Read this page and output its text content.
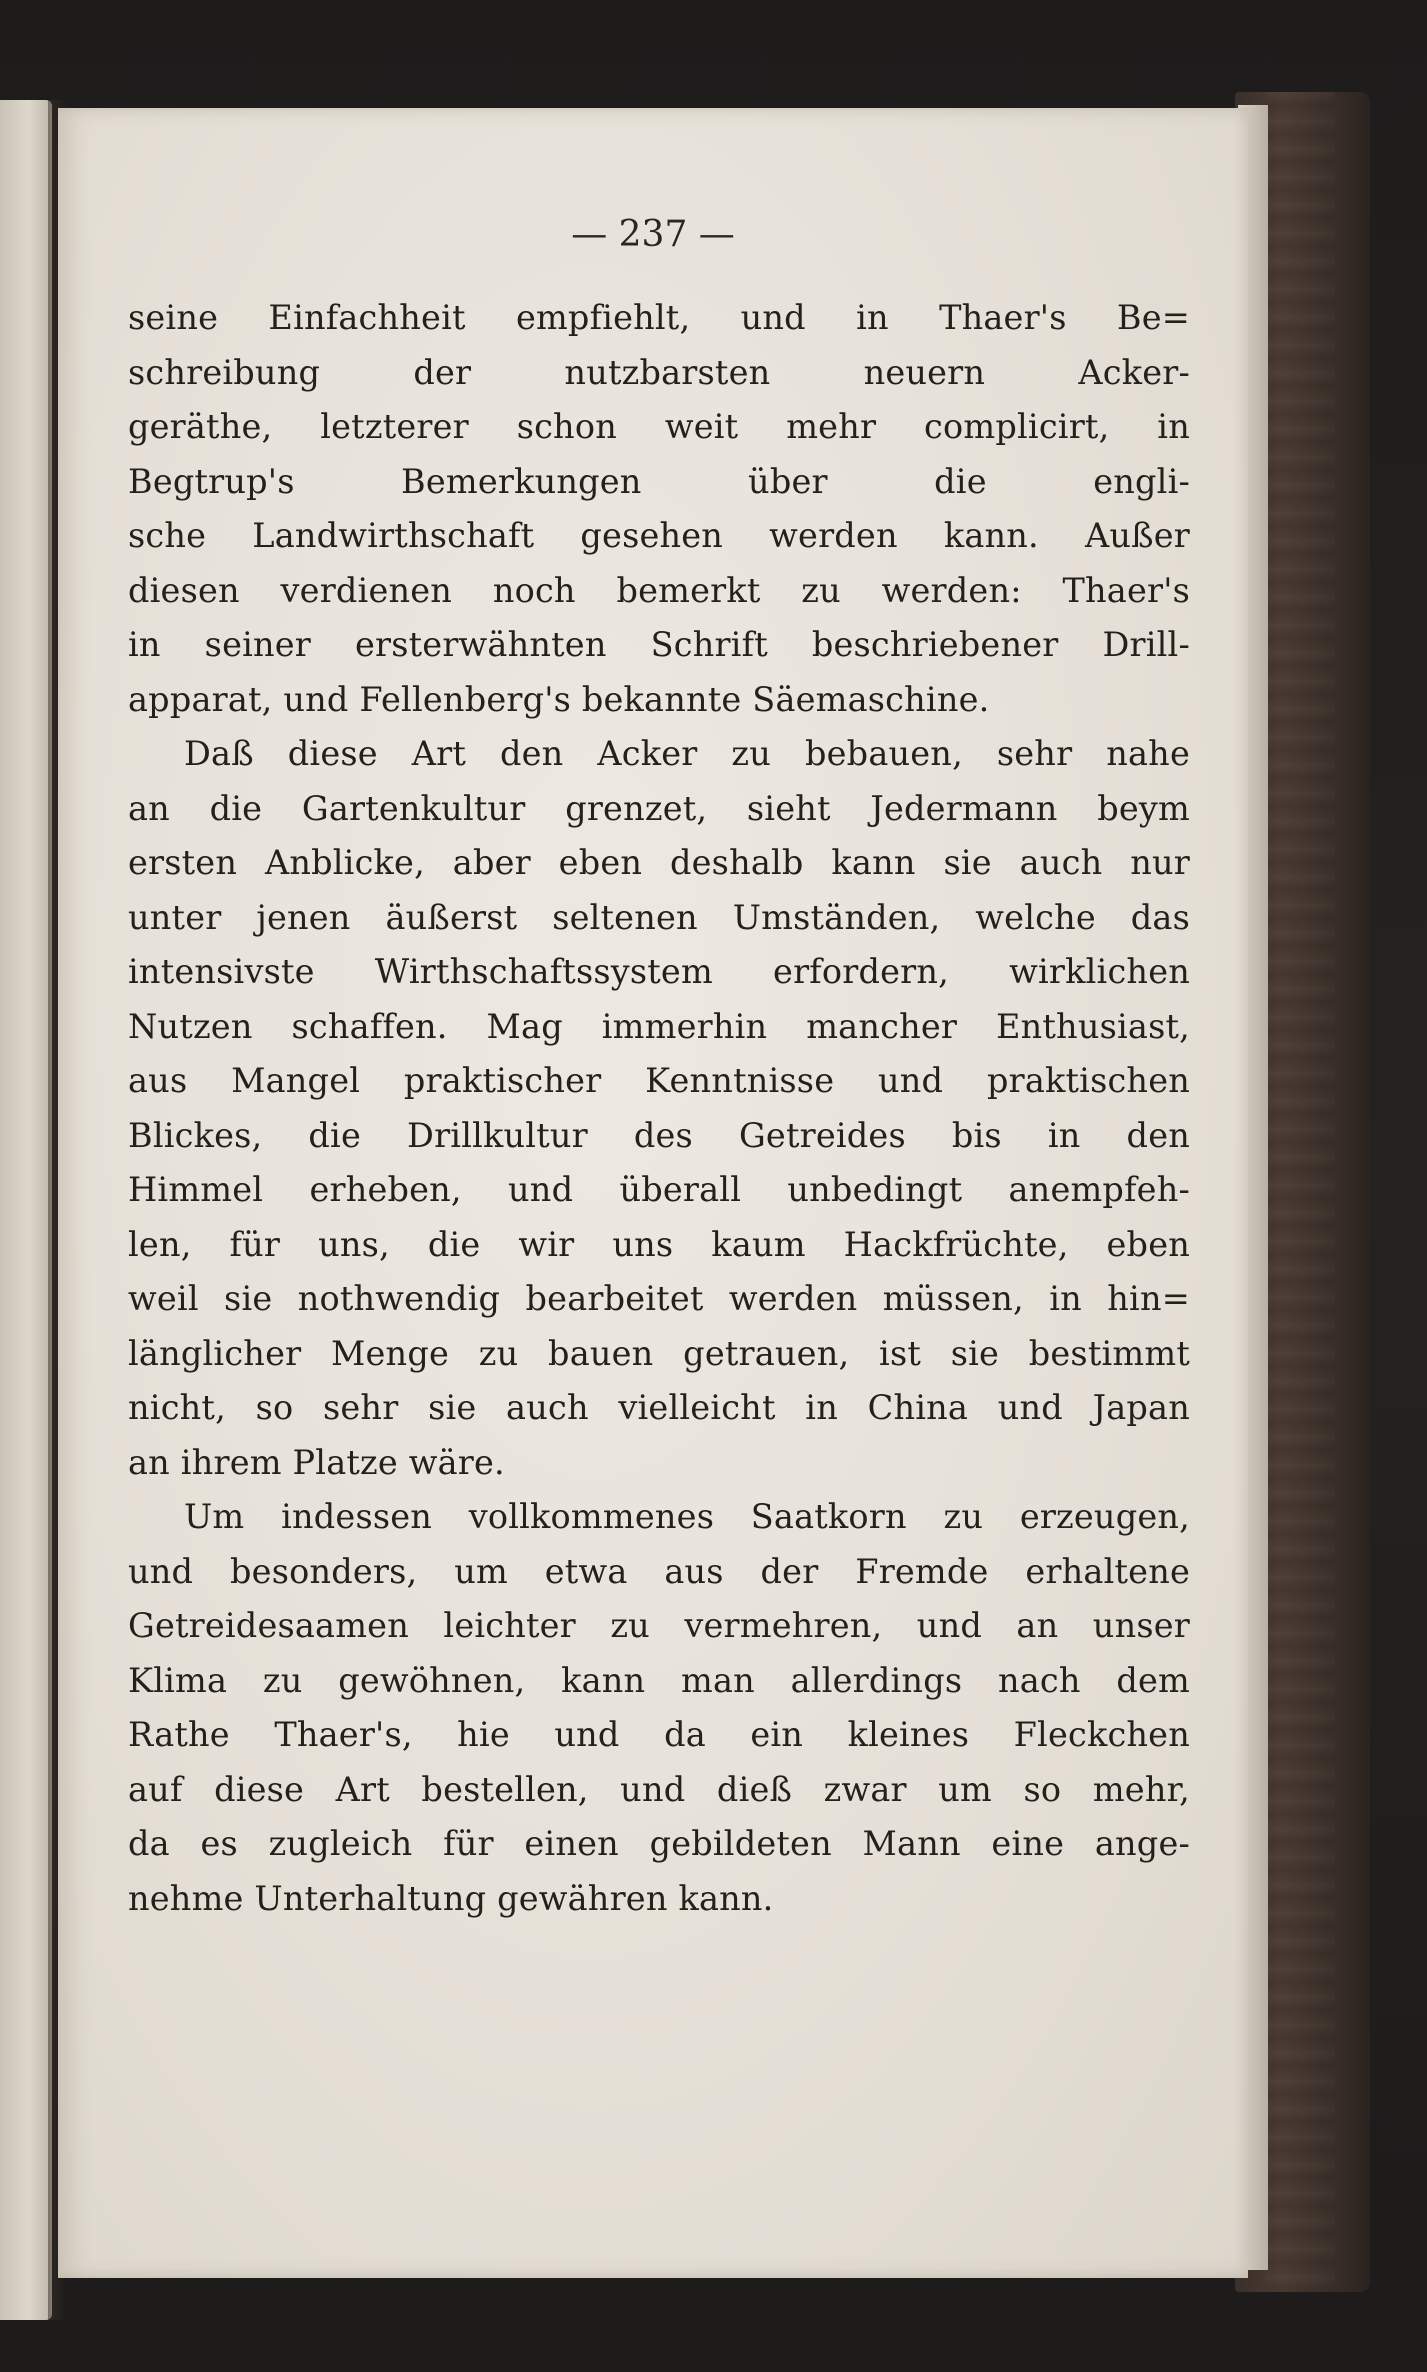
— 237 —
seine Einfachheit empfiehlt, und in Thaer's Be=
schreibung der nutzbarsten neuern Acker-
geräthe, letzterer schon weit mehr complicirt, in
Begtrup's Bemerkungen über die engli-
sche Landwirthschaft gesehen werden kann. Außer
diesen verdienen noch bemerkt zu werden: Thaer's
in seiner ersterwähnten Schrift beschriebener Drill-
apparat, und Fellenberg's bekannte Säemaschine.
Daß diese Art den Acker zu bebauen, sehr nahe
an die Gartenkultur grenzet, sieht Jedermann beym
ersten Anblicke, aber eben deshalb kann sie auch nur
unter jenen äußerst seltenen Umständen, welche das
intensivste Wirthschaftssystem erfordern, wirklichen
Nutzen schaffen. Mag immerhin mancher Enthusiast,
aus Mangel praktischer Kenntnisse und praktischen
Blickes, die Drillkultur des Getreides bis in den
Himmel erheben, und überall unbedingt anempfeh-
len, für uns, die wir uns kaum Hackfrüchte, eben
weil sie nothwendig bearbeitet werden müssen, in hin=
länglicher Menge zu bauen getrauen, ist sie bestimmt
nicht, so sehr sie auch vielleicht in China und Japan
an ihrem Platze wäre.
Um indessen vollkommenes Saatkorn zu erzeugen,
und besonders, um etwa aus der Fremde erhaltene
Getreidesaamen leichter zu vermehren, und an unser
Klima zu gewöhnen, kann man allerdings nach dem
Rathe Thaer's, hie und da ein kleines Fleckchen
auf diese Art bestellen, und dieß zwar um so mehr,
da es zugleich für einen gebildeten Mann eine ange-
nehme Unterhaltung gewähren kann.
